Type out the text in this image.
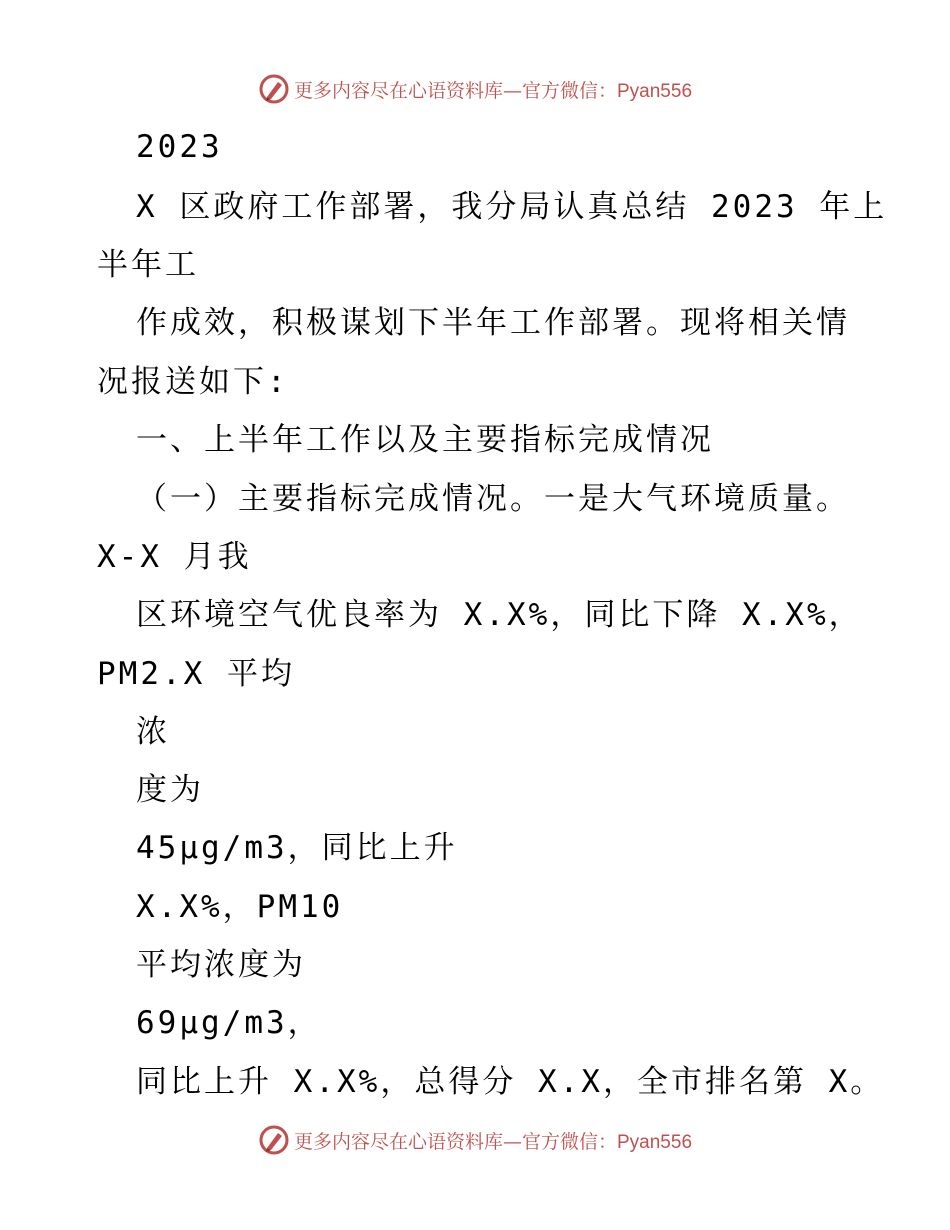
更多内容尽在心语资料库—官方微信：Pyan556
2023
X 区政府工作部署，我分局认真总结 2023 年上
半年工
作成效，积极谋划下半年工作部署。现将相关情
况报送如下:
一、上半年工作以及主要指标完成情况
（一）主要指标完成情况。一是大气环境质量。
X-X 月我
区环境空气优良率为 X.X%，同比下降 X.X%，
PM2.X 平均
浓
度为
45μg/m3，同比上升
X.X%，PM10
平均浓度为
69μg/m3，
同比上升 X.X%，总得分 X.X，全市排名第 X。
更多内容尽在心语资料库—官方微信：Pyan556
